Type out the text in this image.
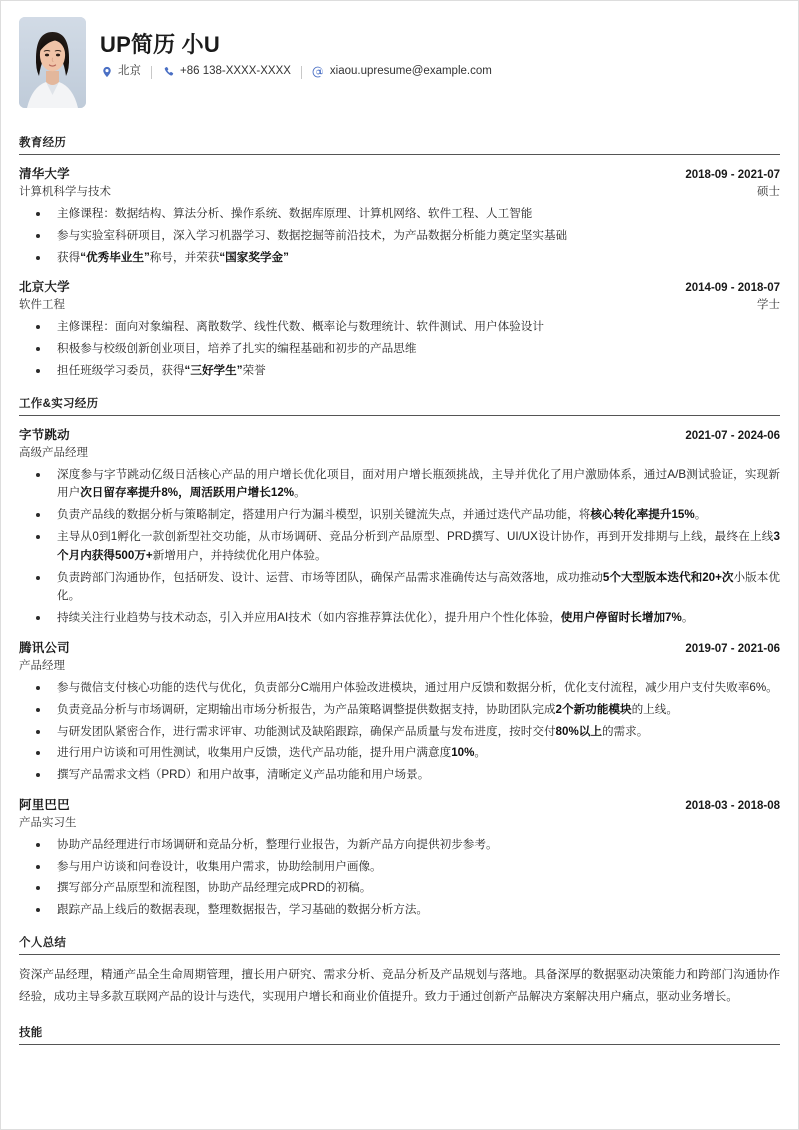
UP简历 小U
北京	+86 138-XXXX-XXXX	xiaou.upresume@example.com
教育经历
清华大学	2018-09 - 2021-07
计算机科学与技术	硕士
主修课程：数据结构、算法分析、操作系统、数据库原理、计算机网络、软件工程、人工智能
参与实验室科研项目，深入学习机器学习、数据挖掘等前沿技术，为产品数据分析能力奠定坚实基础
获得“优秀毕业生”称号，并荣获“国家奖学金”
北京大学	2014-09 - 2018-07
软件工程	学士
主修课程：面向对象编程、离散数学、线性代数、概率论与数理统计、软件测试、用户体验设计
积极参与校级创新创业项目，培养了扎实的编程基础和初步的产品思维
担任班级学习委员，获得“三好学生”荣誉
工作&实习经历
字节跳动	2021-07 - 2024-06
高级产品经理
深度参与字节跳动亿级日活核心产品的用户增长优化项目，面对用户增长瓶颈挑战，主导并优化了用户激励体系，通过A/B测试验证，实现新用户次日留存率提升8%，周活跃用户增长12%。
负责产品线的数据分析与策略制定，搭建用户行为漏斗模型，识别关键流失点，并通过迭代产品功能，将核心转化率提升15%。
主导从0到1孵化一款创新型社交功能，从市场调研、竞品分析到产品原型、PRD撰写、UI/UX设计协作，再到开发排期与上线，最终在上线3个月内获得500万+新增用户，并持续优化用户体验。
负责跨部门沟通协作，包括研发、设计、运营、市场等团队，确保产品需求准确传达与高效落地，成功推动5个大型版本迭代和20+次小版本优化。
持续关注行业趋势与技术动态，引入并应用AI技术（如内容推荐算法优化），提升用户个性化体验，使用户停留时长增加7%。
腾讯公司	2019-07 - 2021-06
产品经理
参与微信支付核心功能的迭代与优化，负责部分C端用户体验改进模块，通过用户反馈和数据分析，优化支付流程，减少用户支付失败率6%。
负责竞品分析与市场调研，定期输出市场分析报告，为产品策略调整提供数据支持，协助团队完成2个新功能模块的上线。
与研发团队紧密合作，进行需求评审、功能测试及缺陷跟踪，确保产品质量与发布进度，按时交付80%以上的需求。
进行用户访谈和可用性测试，收集用户反馈，迭代产品功能，提升用户满意度10%。
撰写产品需求文档（PRD）和用户故事，清晰定义产品功能和用户场景。
阿里巴巴	2018-03 - 2018-08
产品实习生
协助产品经理进行市场调研和竞品分析，整理行业报告，为新产品方向提供初步参考。
参与用户访谈和问卷设计，收集用户需求，协助绘制用户画像。
撰写部分产品原型和流程图，协助产品经理完成PRD的初稿。
跟踪产品上线后的数据表现，整理数据报告，学习基础的数据分析方法。
个人总结

资深产品经理，精通产品全生命周期管理，擅长用户研究、需求分析、竞品分析及产品规划与落地。具备深厚的数据驱动决策能力和跨部门沟通协作经验，成功主导多款互联网产品的设计与迭代，实现用户增长和商业价值提升。致力于通过创新产品解决方案解决用户痛点，驱动业务增长。

技能
